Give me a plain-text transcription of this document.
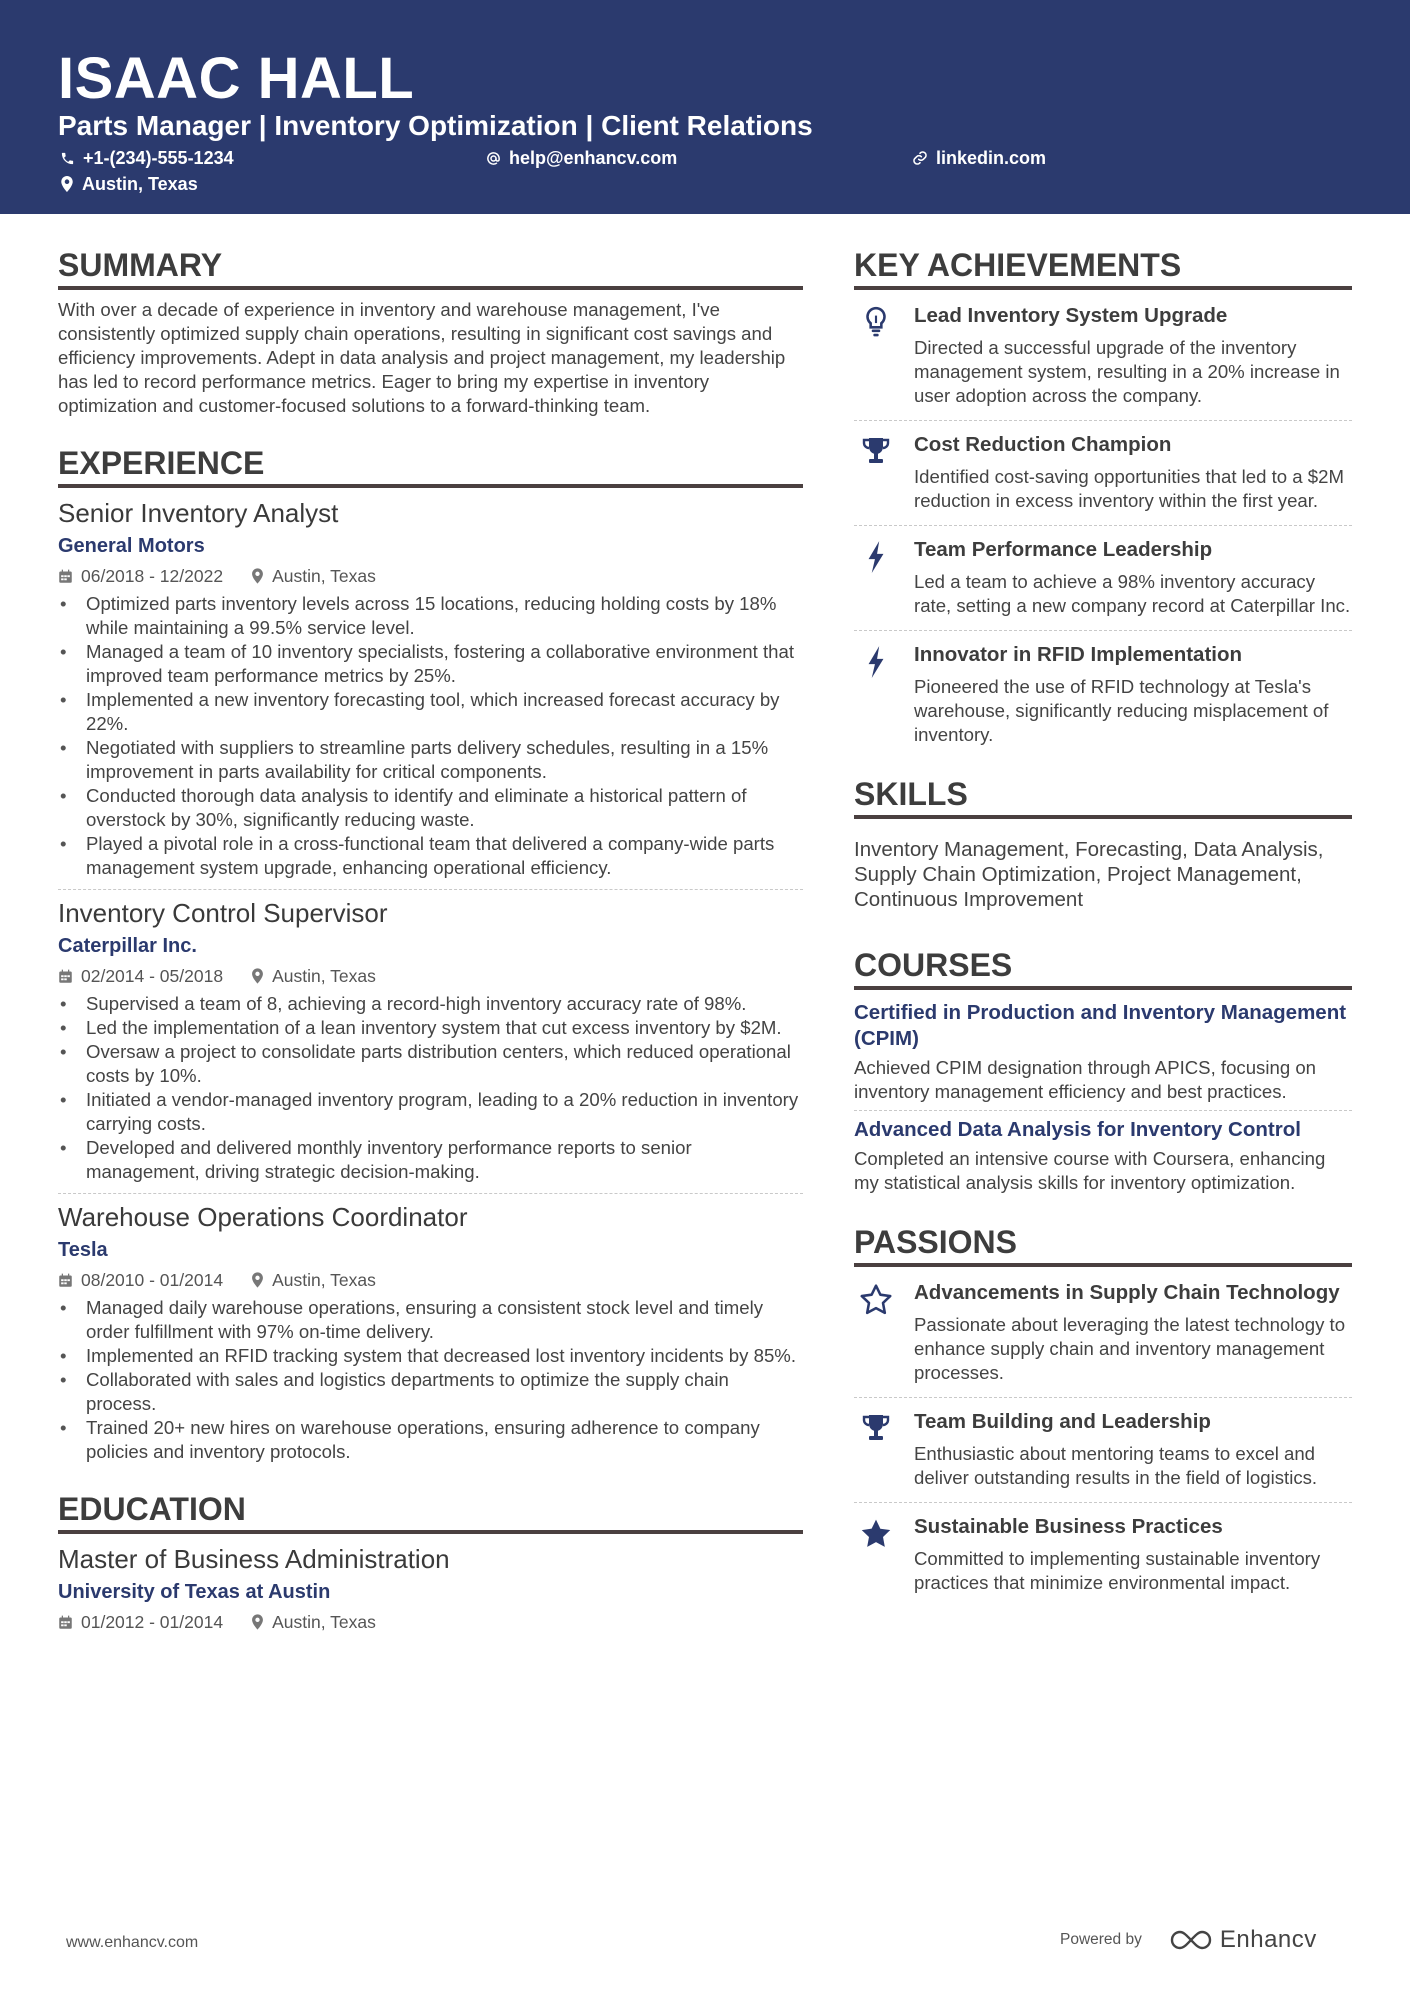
ISAAC HALL
Parts Manager | Inventory Optimization | Client Relations
+1-(234)-555-1234	help@enhancv.com	linkedin.com
Austin, Texas
SUMMARY

With over a decade of experience in inventory and warehouse management, I've consistently optimized supply chain operations, resulting in significant cost savings and efficiency improvements. Adept in data analysis and project management, my leadership has led to record performance metrics. Eager to bring my expertise in inventory optimization and customer-focused solutions to a forward-thinking team.

EXPERIENCE
Senior Inventory Analyst
General Motors
06/2018 - 12/2022	Austin, Texas
• Optimized parts inventory levels across 15 locations, reducing holding costs by 18% while maintaining a 99.5% service level.
• Managed a team of 10 inventory specialists, fostering a collaborative environment that improved team performance metrics by 25%.
• Implemented a new inventory forecasting tool, which increased forecast accuracy by 22%.
• Negotiated with suppliers to streamline parts delivery schedules, resulting in a 15% improvement in parts availability for critical components.
• Conducted thorough data analysis to identify and eliminate a historical pattern of overstock by 30%, significantly reducing waste.
• Played a pivotal role in a cross-functional team that delivered a company-wide parts management system upgrade, enhancing operational efficiency.
Inventory Control Supervisor
Caterpillar Inc.
02/2014 - 05/2018	Austin, Texas
• Supervised a team of 8, achieving a record-high inventory accuracy rate of 98%.
• Led the implementation of a lean inventory system that cut excess inventory by $2M.
• Oversaw a project to consolidate parts distribution centers, which reduced operational costs by 10%.
• Initiated a vendor-managed inventory program, leading to a 20% reduction in inventory carrying costs.
• Developed and delivered monthly inventory performance reports to senior management, driving strategic decision-making.
Warehouse Operations Coordinator
Tesla
08/2010 - 01/2014	Austin, Texas
• Managed daily warehouse operations, ensuring a consistent stock level and timely order fulfillment with 97% on-time delivery.
• Implemented an RFID tracking system that decreased lost inventory incidents by 85%.
• Collaborated with sales and logistics departments to optimize the supply chain process.
• Trained 20+ new hires on warehouse operations, ensuring adherence to company policies and inventory protocols.
EDUCATION
Master of Business Administration
University of Texas at Austin
01/2012 - 01/2014	Austin, Texas
KEY ACHIEVEMENTS
Lead Inventory System Upgrade
Directed a successful upgrade of the inventory management system, resulting in a 20% increase in user adoption across the company.
Cost Reduction Champion
Identified cost-saving opportunities that led to a $2M reduction in excess inventory within the first year.
Team Performance Leadership
Led a team to achieve a 98% inventory accuracy rate, setting a new company record at Caterpillar Inc.
Innovator in RFID Implementation
Pioneered the use of RFID technology at Tesla's warehouse, significantly reducing misplacement of inventory.
SKILLS
Inventory Management, Forecasting, Data Analysis, Supply Chain Optimization, Project Management, Continuous Improvement
COURSES
Certified in Production and Inventory Management (CPIM)
Achieved CPIM designation through APICS, focusing on inventory management efficiency and best practices.
Advanced Data Analysis for Inventory Control
Completed an intensive course with Coursera, enhancing my statistical analysis skills for inventory optimization.
PASSIONS
Advancements in Supply Chain Technology
Passionate about leveraging the latest technology to enhance supply chain and inventory management processes.
Team Building and Leadership
Enthusiastic about mentoring teams to excel and deliver outstanding results in the field of logistics.
Sustainable Business Practices
Committed to implementing sustainable inventory practices that minimize environmental impact.
www.enhancv.com	Powered by	Enhancv
